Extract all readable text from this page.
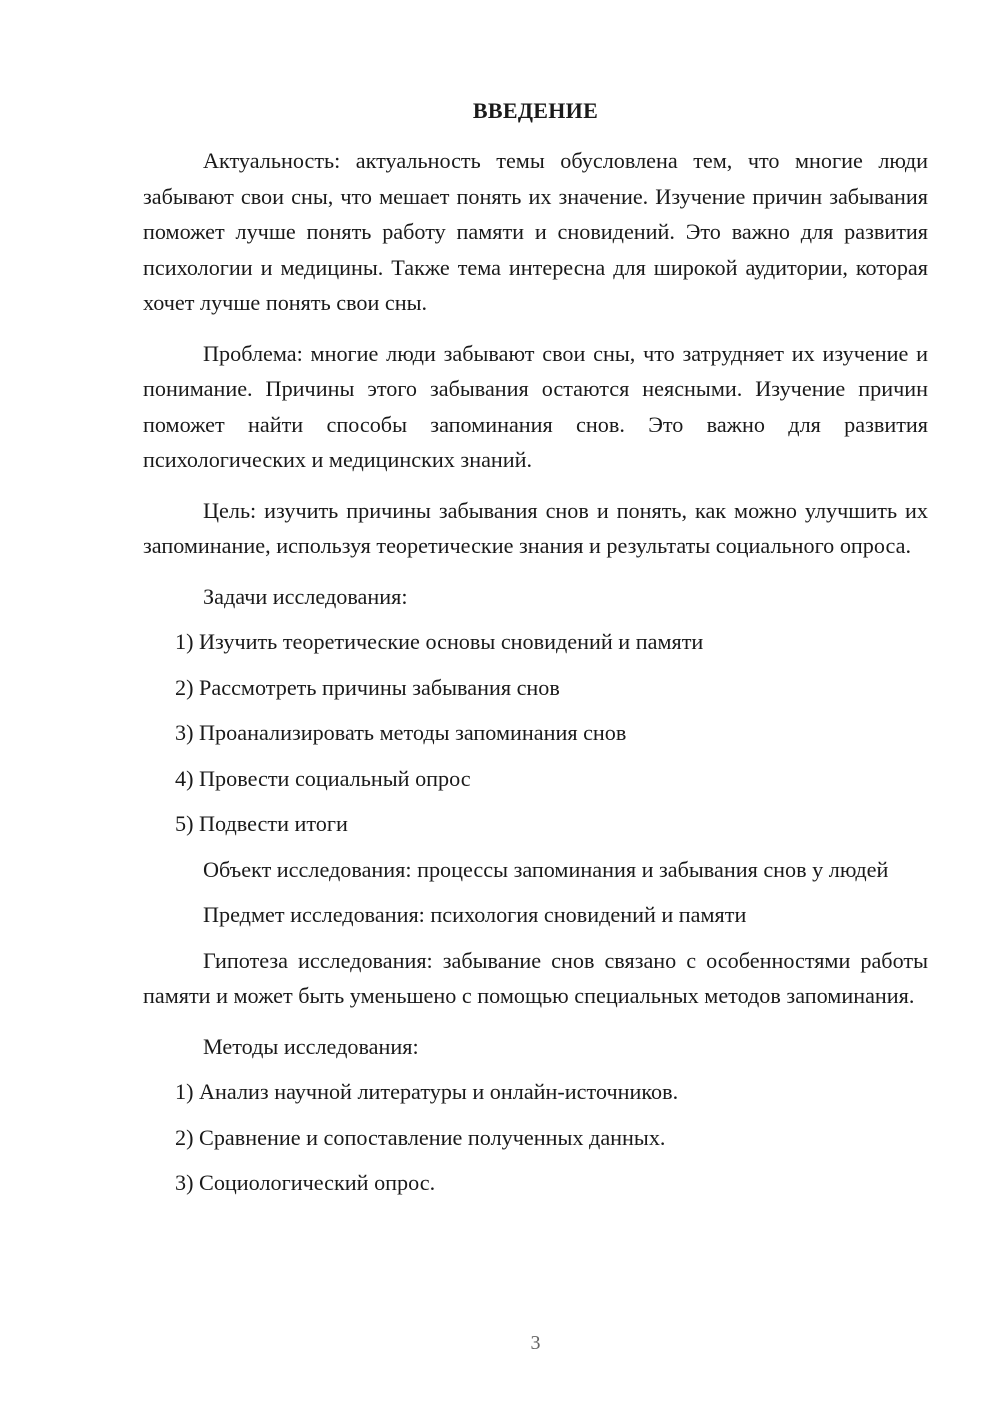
ВВЕДЕНИЕ

Актуальность: актуальность темы обусловлена тем, что многие люди забывают свои сны, что мешает понять их значение. Изучение причин забывания поможет лучше понять работу памяти и сновидений. Это важно для развития психологии и медицины. Также тема интересна для широкой аудитории, которая хочет лучше понять свои сны.

Проблема: многие люди забывают свои сны, что затрудняет их изучение и понимание. Причины этого забывания остаются неясными. Изучение причин поможет найти способы запоминания снов. Это важно для развития психологических и медицинских знаний.

Цель: изучить причины забывания снов и понять, как можно улучшить их запоминание, используя теоретические знания и результаты социального опроса.

Задачи исследования:

1) Изучить теоретические основы сновидений и памяти

2) Рассмотреть причины забывания снов

3) Проанализировать методы запоминания снов

4) Провести социальный опрос

5) Подвести итоги

Объект исследования: процессы запоминания и забывания снов у людей

Предмет исследования: психология сновидений и памяти

Гипотеза исследования: забывание снов связано с особенностями работы памяти и может быть уменьшено с помощью специальных методов запоминания.

Методы исследования:

1) Анализ научной литературы и онлайн-источников.

2) Сравнение и сопоставление полученных данных.

3) Социологический опрос.

3
